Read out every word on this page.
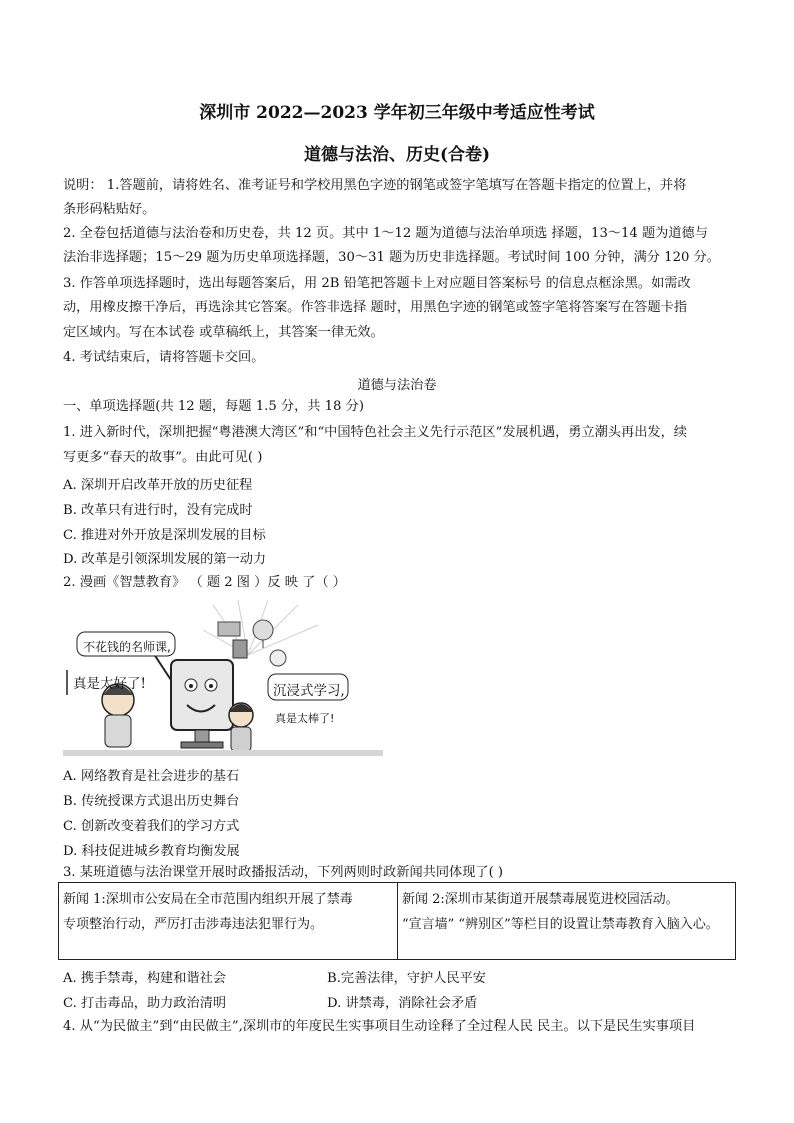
深圳市 2022—2023 学年初三年级中考适应性考试
道德与法治、历史(合卷)
说明： 1.答题前，请将姓名、准考证号和学校用黑色字迹的钢笔或签字笔填写在答题卡指定的位置上，并将
条形码粘贴好。
2. 全卷包括道德与法治卷和历史卷，共 12 页。其中 1～12 题为道德与法治单项选 择题，13～14 题为道德与
法治非选择题；15～29 题为历史单项选择题，30～31 题为历史非选择题。考试时间 100 分钟，满分 120 分。
3. 作答单项选择题时，选出每题答案后，用 2B 铅笔把答题卡上对应题目答案标号 的信息点框涂黑。如需改
动，用橡皮擦干净后，再选涂其它答案。作答非选择 题时，用黑色字迹的钢笔或签字笔将答案写在答题卡指
定区域内。写在本试卷 或草稿纸上，其答案一律无效。
4. 考试结束后，请将答题卡交回。
道德与法治卷
一、单项选择题(共 12 题，每题 1.5 分，共 18 分)
1. 进入新时代，深圳把握“粤港澳大湾区”和“中国特色社会主义先行示范区”发展机遇，勇立潮头再出发，续
写更多“春天的故事”。由此可见( )
A. 深圳开启改革开放的历史征程
B. 改革只有进行时，没有完成时
C. 推进对外开放是深圳发展的目标
D. 改革是引领深圳发展的第一动力
2. 漫画《智慧教育》 （ 题 2 图 ）反 映 了（ ）
不花钱的名师课,
真是太好了!	沉浸式学习,
真是太棒了!
A. 网络教育是社会进步的基石
B. 传统授课方式退出历史舞台
C. 创新改变着我们的学习方式
D. 科技促进城乡教育均衡发展
3. 某班道德与法治课堂开展时政播报活动，下列两则时政新闻共同体现了( )
新闻 1:深圳市公安局在全市范围内组织开展了禁毒
专项整治行动，严厉打击涉毒违法犯罪行为。
新闻 2:深圳市某街道开展禁毒展览进校园活动。
“宣言墙” “辨别区”等栏目的设置让禁毒教育入脑入心。
A. 携手禁毒，构建和谐社会	B.完善法律，守护人民平安
C. 打击毒品，助力政治清明	D. 讲禁毒，消除社会矛盾
4. 从“为民做主”到“由民做主”,深圳市的年度民生实事项目生动诠释了全过程人民 民主。以下是民生实事项目
